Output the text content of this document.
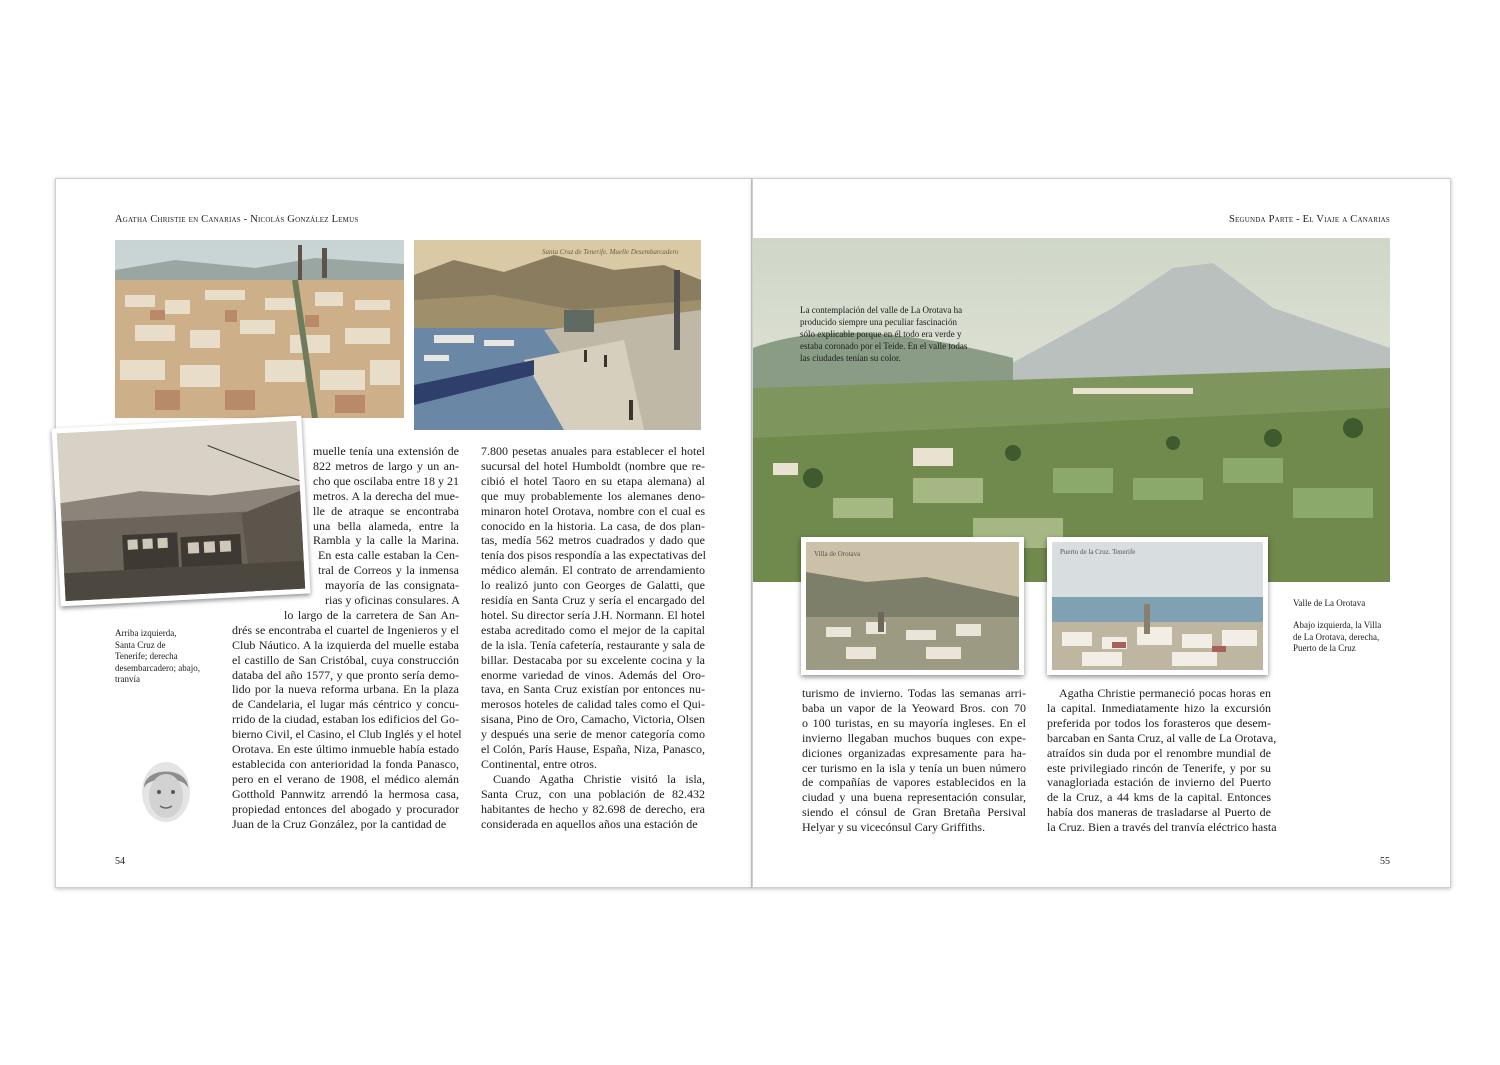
Agatha Christie en Canarias - Nicolás González Lemus	Segunda Parte - El Viaje a Canarias
Santa Cruz de Tenerife. Muelle Desembarcadero
Arriba izquierda,
Santa Cruz de
Tenerife; derecha
desembarcadero; abajo,
tranvía
muelle tenía una extensión de
822 metros de largo y un an-
cho que oscilaba entre 18 y 21
metros. A la derecha del mue-
lle de atraque se encontraba
una bella alameda, entre la
Rambla y la calle la Marina.
En esta calle estaban la Cen-
tral de Correos y la inmensa
mayoría de las consignata-
rias y oficinas consulares. A
lo largo de la carretera de San An-
drés se encontraba el cuartel de Ingenieros y el
Club Náutico. A la izquierda del muelle estaba
el castillo de San Cristóbal, cuya construcción
databa del año 1577, y que pronto sería demo-
lido por la nueva reforma urbana. En la plaza
de Candelaria, el lugar más céntrico y concu-
rrido de la ciudad, estaban los edificios del Go-
bierno Civil, el Casino, el Club Inglés y el hotel
Orotava. En este último inmueble había estado
establecida con anterioridad la fonda Panasco,
pero en el verano de 1908, el médico alemán
Gotthold Pannwitz arrendó la hermosa casa,
propiedad entonces del abogado y procurador
Juan de la Cruz González, por la cantidad de
7.800 pesetas anuales para establecer el hotel
sucursal del hotel Humboldt (nombre que re-
cibió el hotel Taoro en su etapa alemana) al
que muy probablemente los alemanes deno-
minaron hotel Orotava, nombre con el cual es
conocido en la historia. La casa, de dos plan-
tas, medía 562 metros cuadrados y dado que
tenía dos pisos respondía a las expectativas del
médico alemán. El contrato de arrendamiento
lo realizó junto con Georges de Galatti, que
residía en Santa Cruz y sería el encargado del
hotel. Su director sería J.H. Normann. El hotel
estaba acreditado como el mejor de la capital
de la isla. Tenía cafetería, restaurante y sala de
billar. Destacaba por su excelente cocina y la
enorme variedad de vinos. Además del Oro-
tava, en Santa Cruz existían por entonces nu-
merosos hoteles de calidad tales como el Qui-
sisana, Pino de Oro, Camacho, Victoria, Olsen
y después una serie de menor categoría como
el Colón, París Hause, España, Niza, Panasco,
Continental, entre otros.
Cuando Agatha Christie visitó la isla,
Santa Cruz, con una población de 82.432
habitantes de hecho y 82.698 de derecho, era
considerada en aquellos años una estación de
54
La contemplación del valle de La Orotava ha
producido siempre una peculiar fascinación
sólo explicable porque en él todo era verde y
estaba coronado por el Teide. En el valle todas
las ciudades tenían su color.
Villa de Orotava	Puerto de la Cruz. Tenerife
Valle de La Orotava
Abajo izquierda, la Villa
de La Orotava, derecha,
Puerto de la Cruz
turismo de invierno. Todas las semanas arri-
baba un vapor de la Yeoward Bros. con 70
o 100 turistas, en su mayoría ingleses. En el
invierno llegaban muchos buques con expe-
diciones organizadas expresamente para ha-
cer turismo en la isla y tenía un buen número
de compañías de vapores establecidos en la
ciudad y una buena representación consular,
siendo el cónsul de Gran Bretaña Persival
Helyar y su vicecónsul Cary Griffiths.
Agatha Christie permaneció pocas horas en
la capital. Inmediatamente hizo la excursión
preferida por todos los forasteros que desem-
barcaban en Santa Cruz, al valle de La Orotava,
atraídos sin duda por el renombre mundial de
este privilegiado rincón de Tenerife, y por su
vanagloriada estación de invierno del Puerto
de la Cruz, a 44 kms de la capital. Entonces
había dos maneras de trasladarse al Puerto de
la Cruz. Bien a través del tranvía eléctrico hasta
55
